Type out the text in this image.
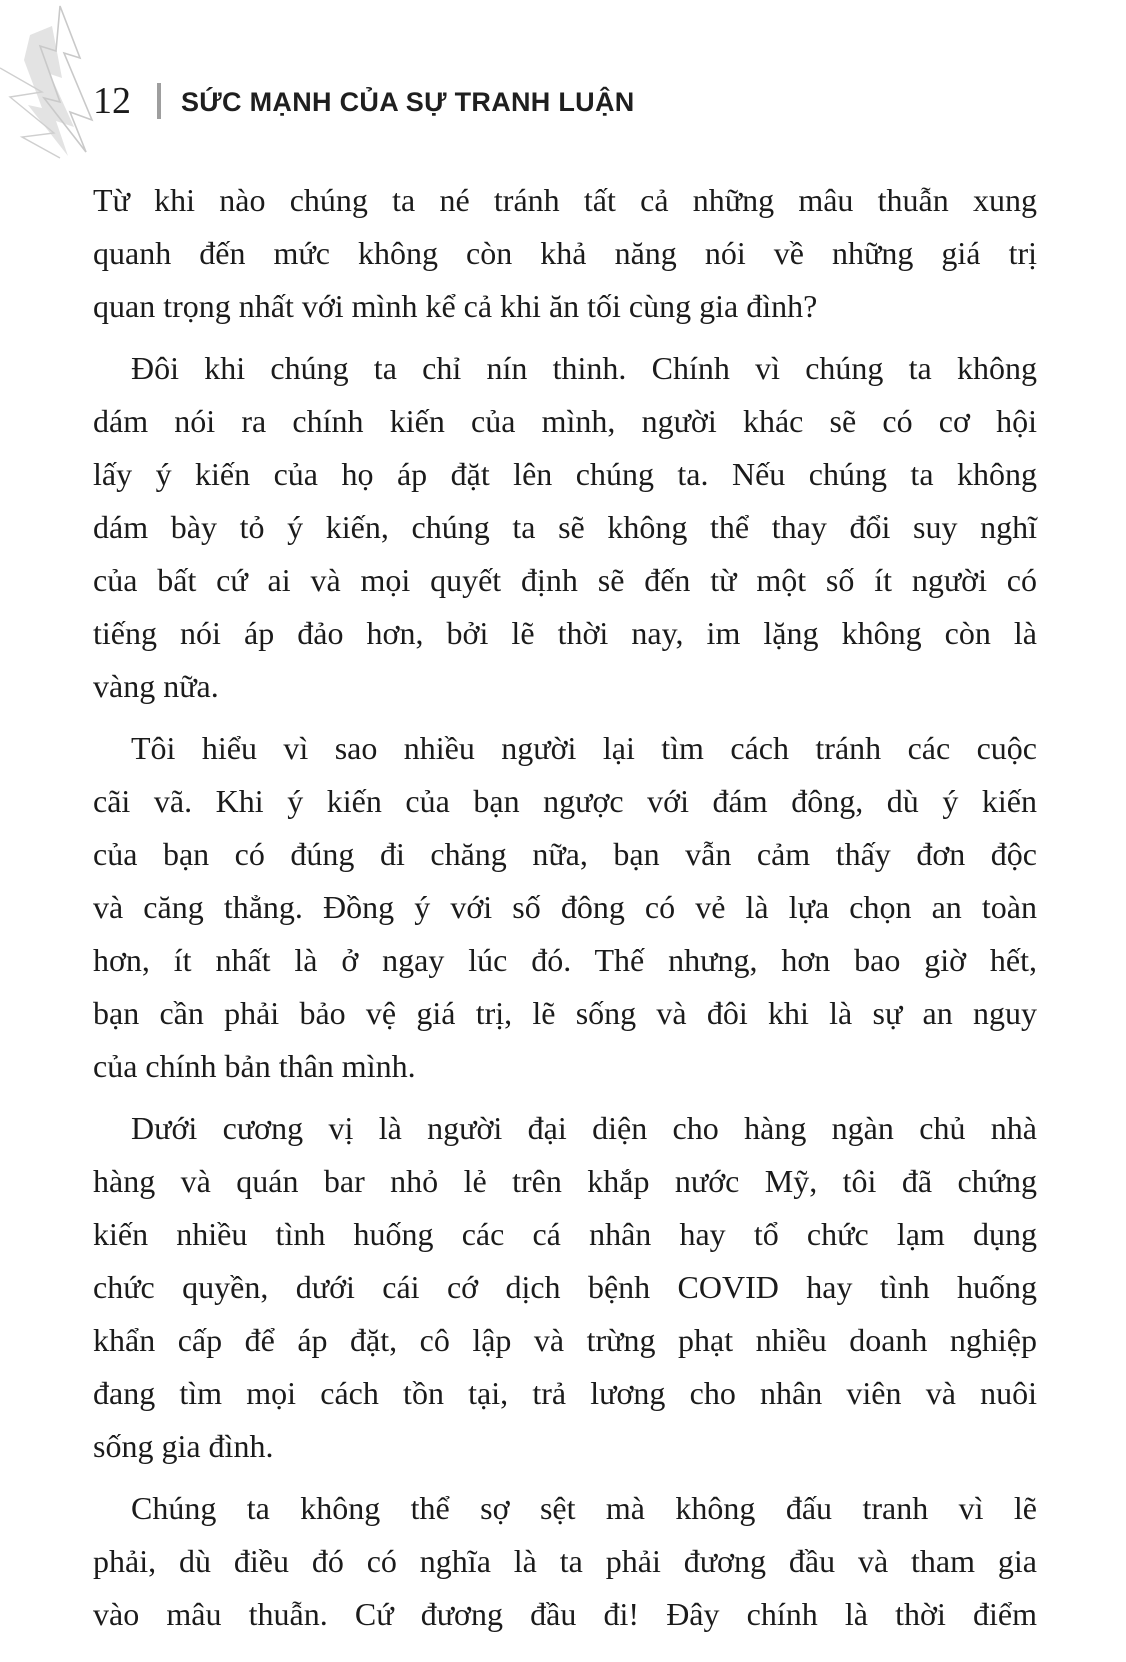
12 SỨC MẠNH CỦA SỰ TRANH LUẬN
Từ khi nào chúng ta né tránh tất cả những mâu thuẫn xung
quanh đến mức không còn khả năng nói về những giá trị
quan trọng nhất với mình kể cả khi ăn tối cùng gia đình?
Đôi khi chúng ta chỉ nín thinh. Chính vì chúng ta không
dám nói ra chính kiến của mình, người khác sẽ có cơ hội
lấy ý kiến của họ áp đặt lên chúng ta. Nếu chúng ta không
dám bày tỏ ý kiến, chúng ta sẽ không thể thay đổi suy nghĩ
của bất cứ ai và mọi quyết định sẽ đến từ một số ít người có
tiếng nói áp đảo hơn, bởi lẽ thời nay, im lặng không còn là
vàng nữa.
Tôi hiểu vì sao nhiều người lại tìm cách tránh các cuộc
cãi vã. Khi ý kiến của bạn ngược với đám đông, dù ý kiến
của bạn có đúng đi chăng nữa, bạn vẫn cảm thấy đơn độc
và căng thẳng. Đồng ý với số đông có vẻ là lựa chọn an toàn
hơn, ít nhất là ở ngay lúc đó. Thế nhưng, hơn bao giờ hết,
bạn cần phải bảo vệ giá trị, lẽ sống và đôi khi là sự an nguy
của chính bản thân mình.
Dưới cương vị là người đại diện cho hàng ngàn chủ nhà
hàng và quán bar nhỏ lẻ trên khắp nước Mỹ, tôi đã chứng
kiến nhiều tình huống các cá nhân hay tổ chức lạm dụng
chức quyền, dưới cái cớ dịch bệnh COVID hay tình huống
khẩn cấp để áp đặt, cô lập và trừng phạt nhiều doanh nghiệp
đang tìm mọi cách tồn tại, trả lương cho nhân viên và nuôi
sống gia đình.
Chúng ta không thể sợ sệt mà không đấu tranh vì lẽ
phải, dù điều đó có nghĩa là ta phải đương đầu và tham gia
vào mâu thuẫn. Cứ đương đầu đi! Đây chính là thời điểm
